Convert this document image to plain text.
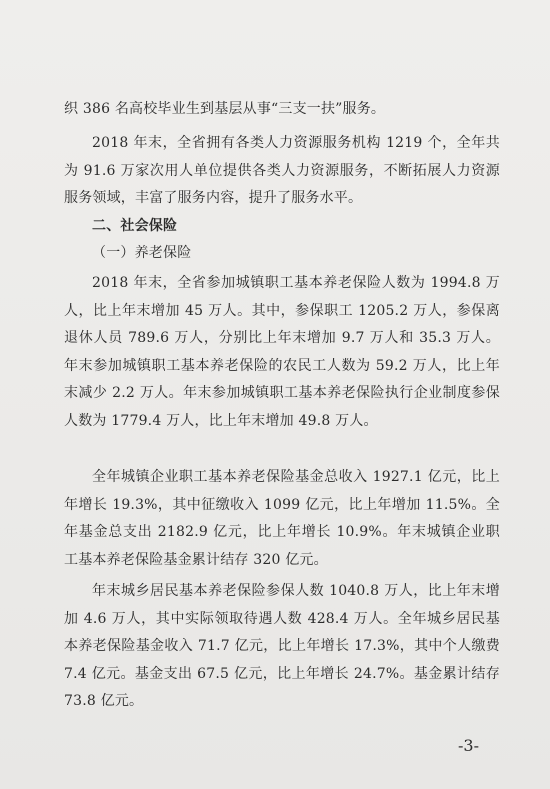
织 386 名高校毕业生到基层从事“三支一扶”服务。

2018 年末，全省拥有各类人力资源服务机构 1219 个，全年共为 91.6 万家次用人单位提供各类人力资源服务，不断拓展人力资源服务领域，丰富了服务内容，提升了服务水平。

二、社会保险

（一）养老保险

2018 年末，全省参加城镇职工基本养老保险人数为 1994.8 万人，比上年末增加 45 万人。其中，参保职工 1205.2 万人，参保离退休人员 789.6 万人，分别比上年末增加 9.7 万人和 35.3 万人。年末参加城镇职工基本养老保险的农民工人数为 59.2 万人，比上年末减少 2.2 万人。年末参加城镇职工基本养老保险执行企业制度参保人数为 1779.4 万人，比上年末增加 49.8 万人。

全年城镇企业职工基本养老保险基金总收入 1927.1 亿元，比上年增长 19.3%，其中征缴收入 1099 亿元，比上年增加 11.5%。全年基金总支出 2182.9 亿元，比上年增长 10.9%。年末城镇企业职工基本养老保险基金累计结存 320 亿元。

年末城乡居民基本养老保险参保人数 1040.8 万人，比上年末增加 4.6 万人，其中实际领取待遇人数 428.4 万人。全年城乡居民基本养老保险基金收入 71.7 亿元，比上年增长 17.3%，其中个人缴费 7.4 亿元。基金支出 67.5 亿元，比上年增长 24.7%。基金累计结存 73.8 亿元。

-3-
